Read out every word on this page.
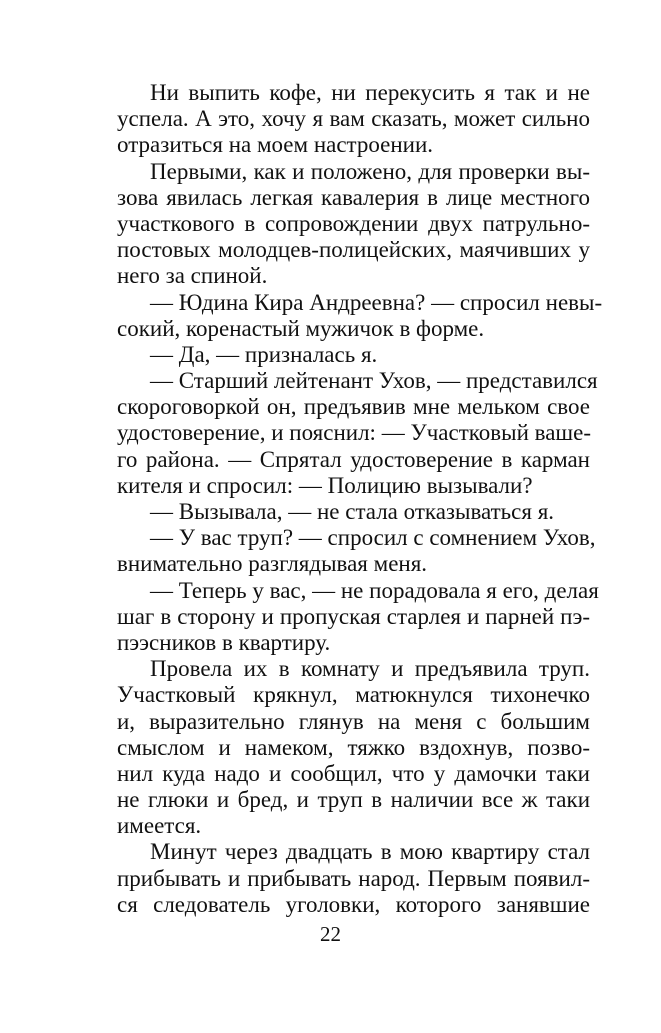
Ни выпить кофе, ни перекусить я так и не
успела. А это, хочу я вам сказать, может сильно
отразиться на моем настроении.
Первыми, как и положено, для проверки вы-
зова явилась легкая кавалерия в лице местного
участкового в сопровождении двух патрульно-
постовых молодцев-полицейских, маячивших у
него за спиной.
— Юдина Кира Андреевна? — спросил невы-
сокий, коренастый мужичок в форме.
— Да, — призналась я.
— Старший лейтенант Ухов, — представился
скороговоркой он, предъявив мне мельком свое
удостоверение, и пояснил: — Участковый ваше-
го района. — Спрятал удостоверение в карман
кителя и спросил: — Полицию вызывали?
— Вызывала, — не стала отказываться я.
— У вас труп? — спросил с сомнением Ухов,
внимательно разглядывая меня.
— Теперь у вас, — не порадовала я его, делая
шаг в сторону и пропуская старлея и парней пэ-
пээсников в квартиру.
Провела их в комнату и предъявила труп.
Участковый крякнул, матюкнулся тихонечко
и, выразительно глянув на меня с большим
смыслом и намеком, тяжко вздохнув, позво-
нил куда надо и сообщил, что у дамочки таки
не глюки и бред, и труп в наличии все ж таки
имеется.
Минут через двадцать в мою квартиру стал
прибывать и прибывать народ. Первым появил-
ся следователь уголовки, которого занявшие
22
